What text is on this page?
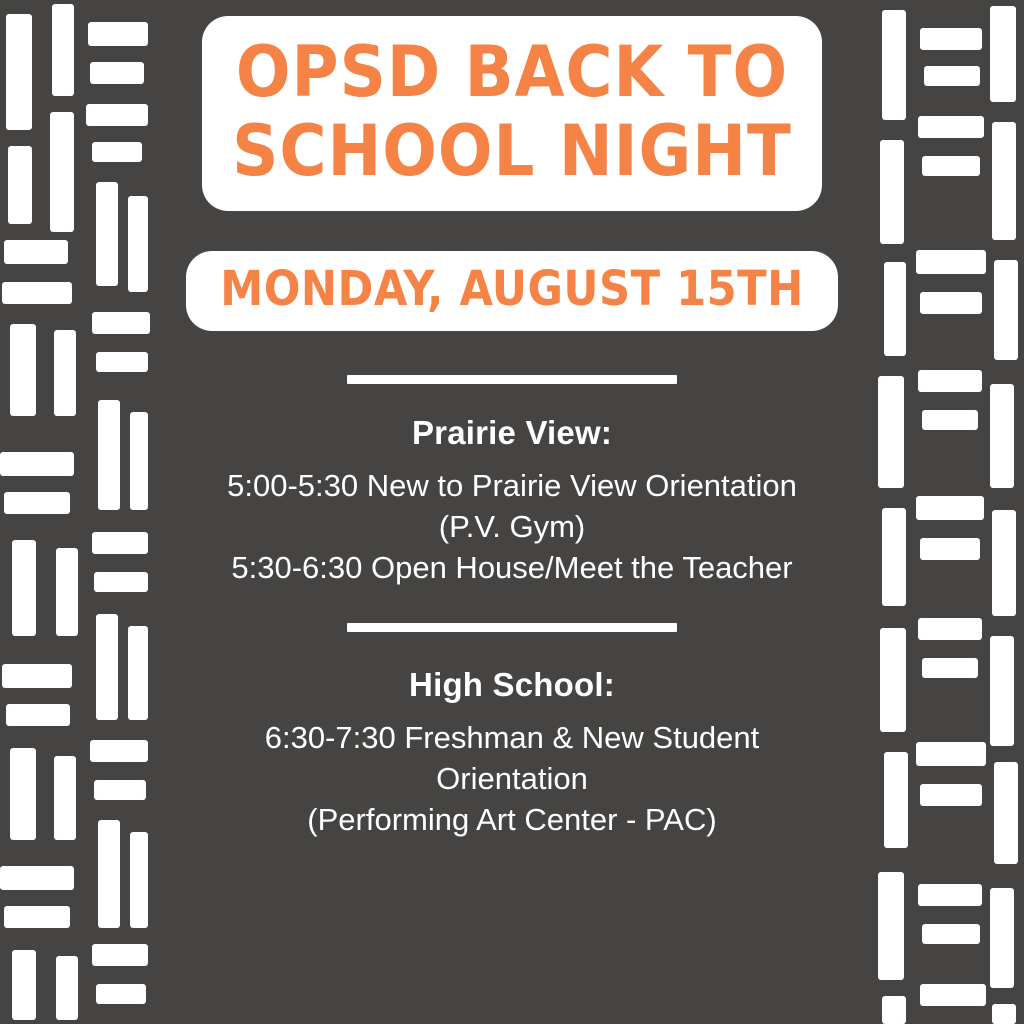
OPSD BACK TO
SCHOOL NIGHT
MONDAY, AUGUST 15TH
Prairie View:
5:00-5:30 New to Prairie View Orientation
(P.V. Gym)
5:30-6:30 Open House/Meet the Teacher
High School:
6:30-7:30 Freshman & New Student
Orientation
(Performing Art Center - PAC)
